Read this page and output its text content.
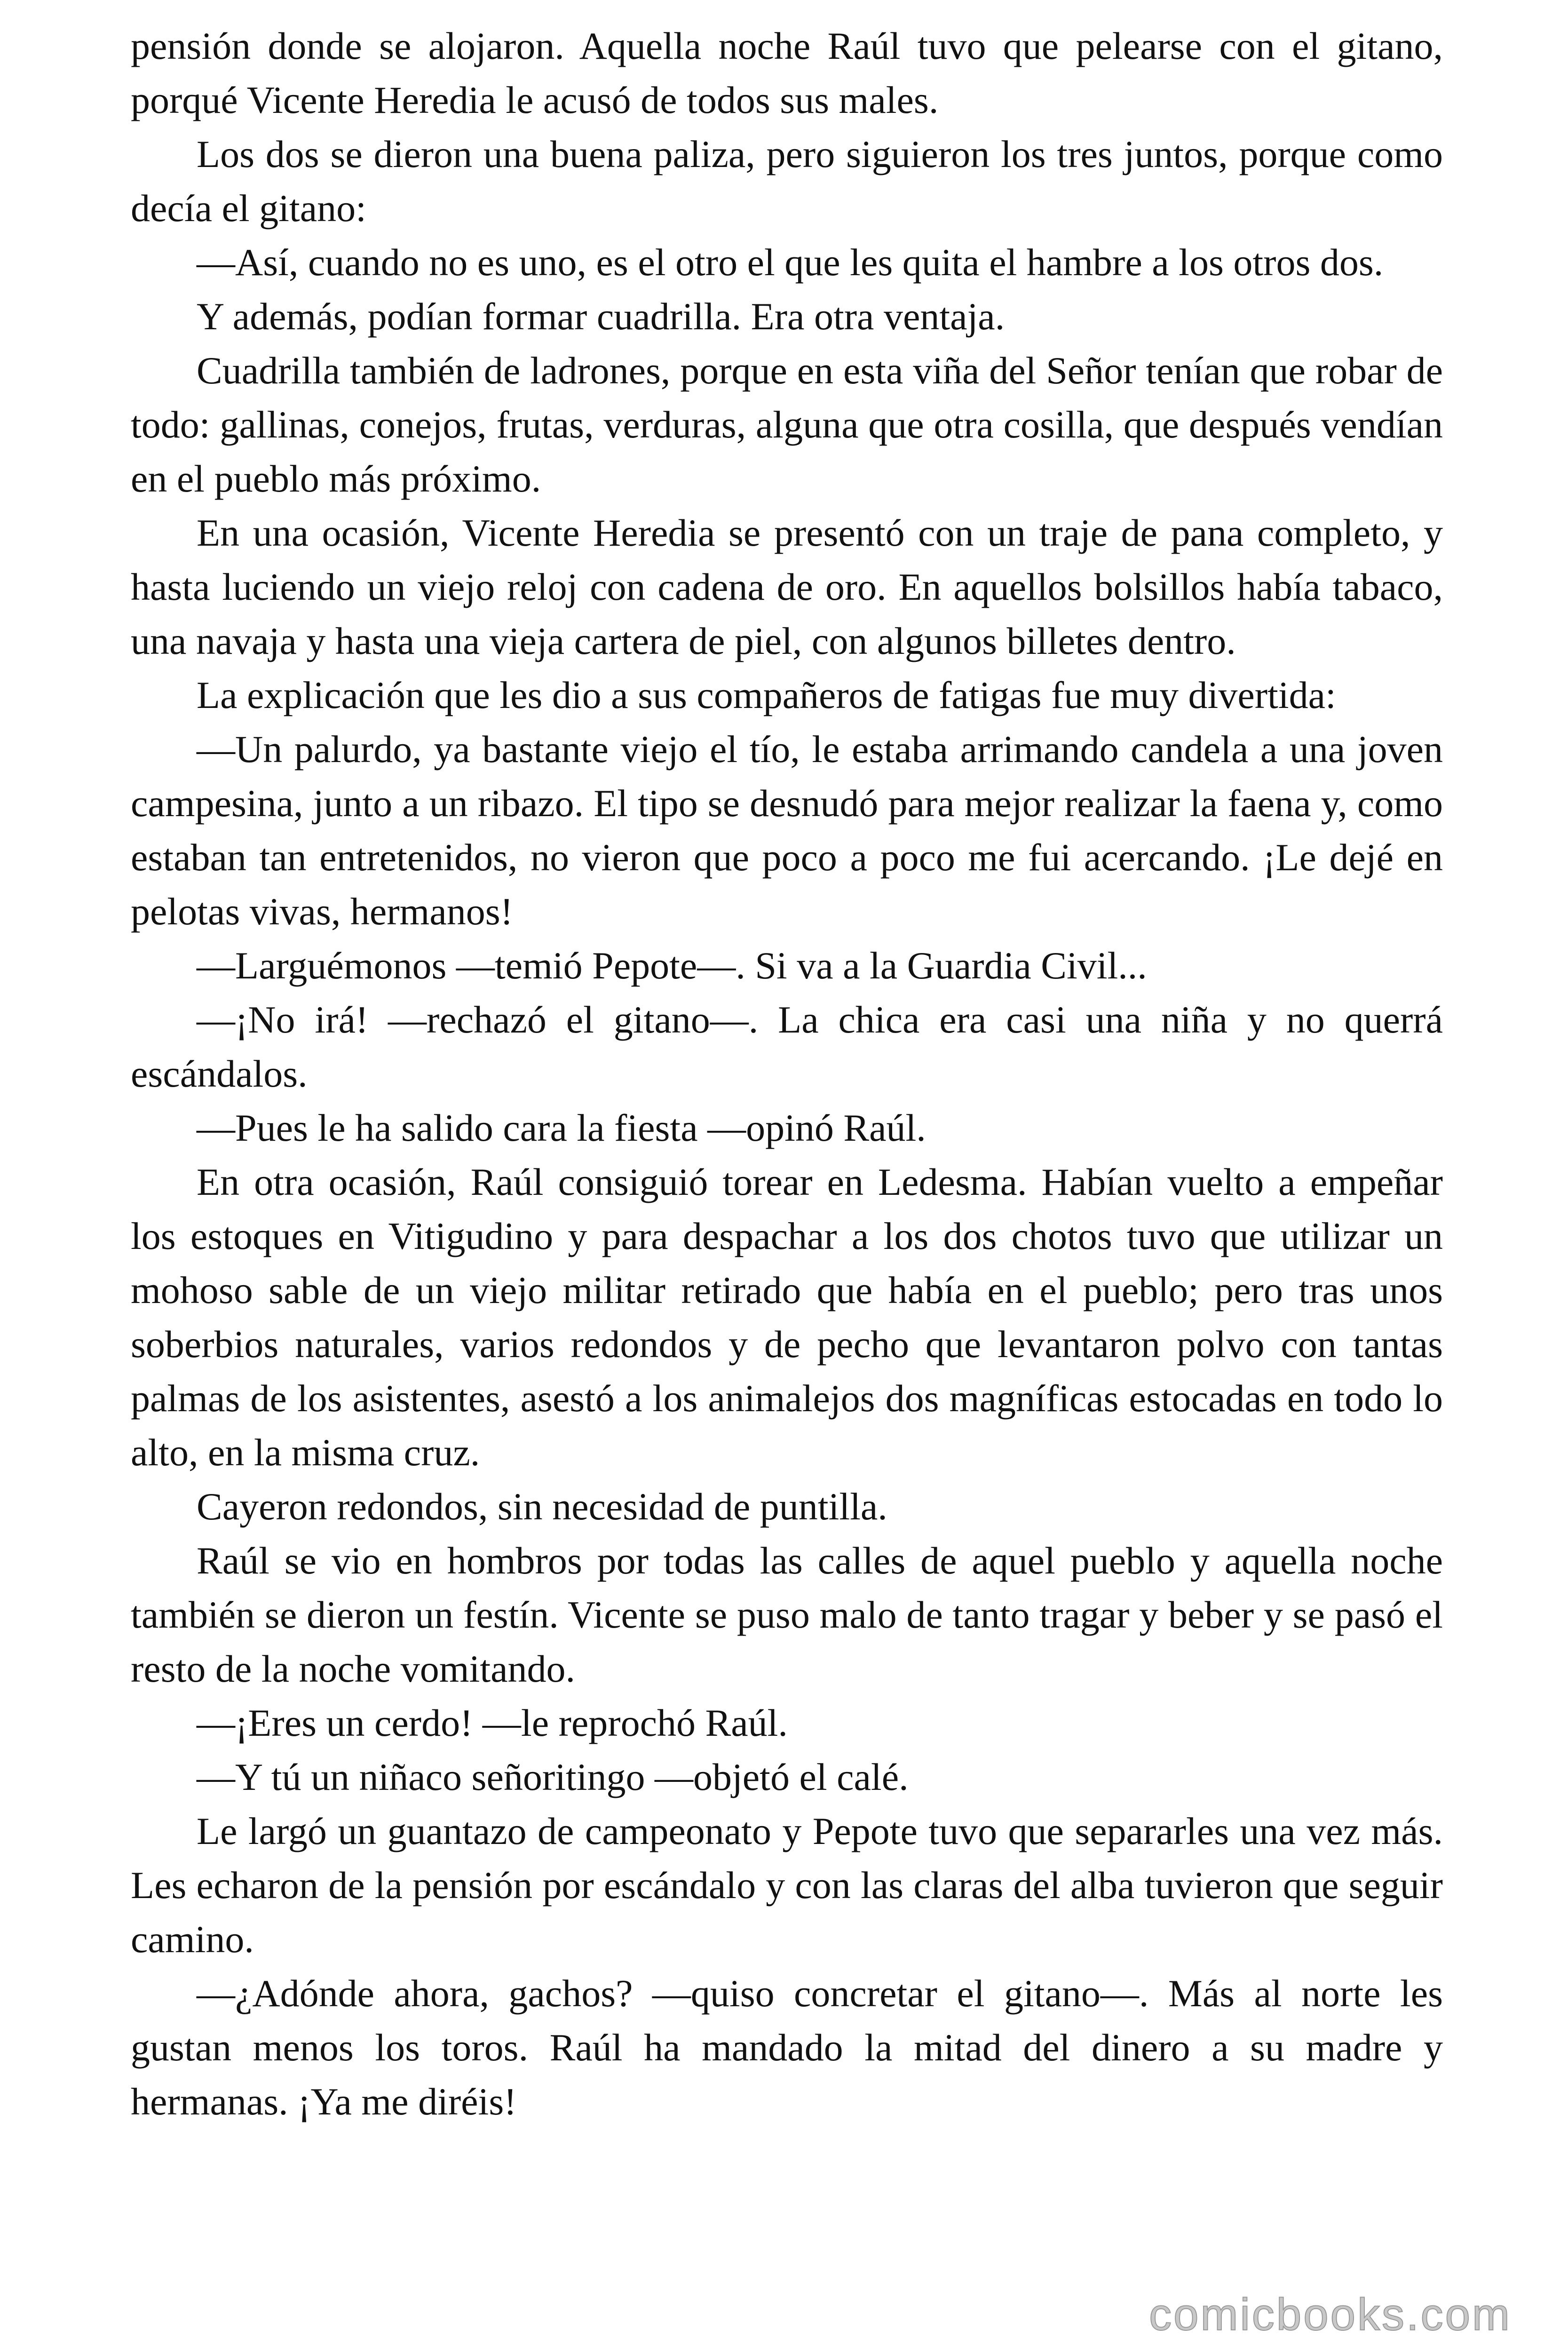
pensión donde se alojaron. Aquella noche Raúl tuvo que pelearse con el gitano, porqué Vicente Heredia le acusó de todos sus males.

Los dos se dieron una buena paliza, pero siguieron los tres juntos, porque como decía el gitano:

—Así, cuando no es uno, es el otro el que les quita el hambre a los otros dos.

Y además, podían formar cuadrilla. Era otra ventaja.

Cuadrilla también de ladrones, porque en esta viña del Señor tenían que robar de todo: gallinas, conejos, frutas, verduras, alguna que otra cosilla, que después vendían en el pueblo más próximo.

En una ocasión, Vicente Heredia se presentó con un traje de pana completo, y hasta luciendo un viejo reloj con cadena de oro. En aquellos bolsillos había tabaco, una navaja y hasta una vieja cartera de piel, con algunos billetes dentro.

La explicación que les dio a sus compañeros de fatigas fue muy divertida:

—Un palurdo, ya bastante viejo el tío, le estaba arrimando candela a una joven campesina, junto a un ribazo. El tipo se desnudó para mejor realizar la faena y, como estaban tan entretenidos, no vieron que poco a poco me fui acercando. ¡Le dejé en pelotas vivas, hermanos!

—Larguémonos —temió Pepote—. Si va a la Guardia Civil...

—¡No irá! —rechazó el gitano—. La chica era casi una niña y no querrá escándalos.

—Pues le ha salido cara la fiesta —opinó Raúl.

En otra ocasión, Raúl consiguió torear en Ledesma. Habían vuelto a empeñar los estoques en Vitigudino y para despachar a los dos chotos tuvo que utilizar un mohoso sable de un viejo militar retirado que había en el pueblo; pero tras unos soberbios naturales, varios redondos y de pecho que levantaron polvo con tantas palmas de los asistentes, asestó a los animalejos dos magníficas estocadas en todo lo alto, en la misma cruz.

Cayeron redondos, sin necesidad de puntilla.

Raúl se vio en hombros por todas las calles de aquel pueblo y aquella noche también se dieron un festín. Vicente se puso malo de tanto tragar y beber y se pasó el resto de la noche vomitando.

—¡Eres un cerdo! —le reprochó Raúl.

—Y tú un niñaco señoritingo —objetó el calé.

Le largó un guantazo de campeonato y Pepote tuvo que separarles una vez más. Les echaron de la pensión por escándalo y con las claras del alba tuvieron que seguir camino.

—¿Adónde ahora, gachos? —quiso concretar el gitano—. Más al norte les gustan menos los toros. Raúl ha mandado la mitad del dinero a su madre y hermanas. ¡Ya me diréis!

comicbooks.com
